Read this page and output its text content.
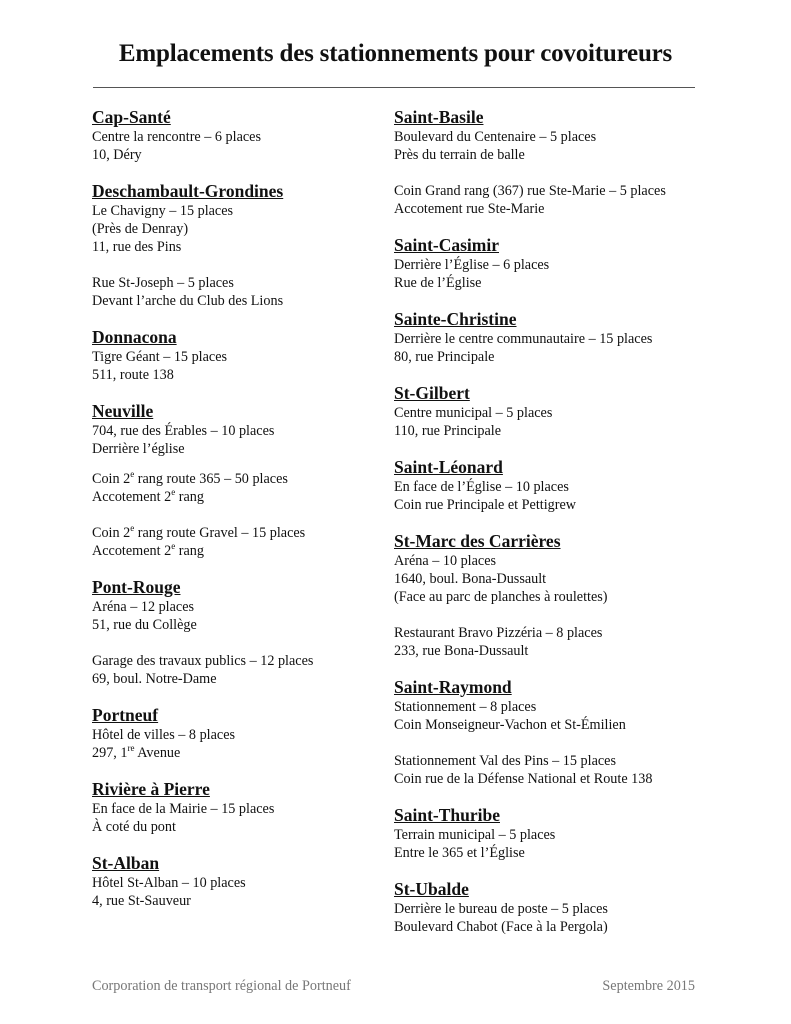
Emplacements des stationnements pour covoitureurs
Cap-Santé
Centre la rencontre – 6 places
10, Déry
Deschambault-Grondines
Le Chavigny – 15 places
(Près de Denray)
11, rue des Pins
Rue St-Joseph – 5 places
Devant l’arche du Club des Lions
Donnacona
Tigre Géant – 15 places
511, route 138
Neuville
704, rue des Érables – 10 places
Derrière l’église
Coin 2e rang route 365 – 50 places
Accotement 2e rang
Coin 2e rang route Gravel – 15 places
Accotement 2e rang
Pont-Rouge
Aréna – 12 places
51, rue du Collège
Garage des travaux publics – 12 places
69, boul. Notre-Dame
Portneuf
Hôtel de villes – 8 places
297, 1re Avenue
Rivière à Pierre
En face de la Mairie – 15 places
À coté du pont
St-Alban
Hôtel St-Alban – 10 places
4, rue St-Sauveur
Saint-Basile
Boulevard du Centenaire – 5 places
Près du terrain de balle
Coin Grand rang (367) rue Ste-Marie – 5 places
Accotement rue Ste-Marie
Saint-Casimir
Derrière l’Église – 6 places
Rue de l’Église
Sainte-Christine
Derrière le centre communautaire – 15 places
80, rue Principale
St-Gilbert
Centre municipal – 5 places
110, rue Principale
Saint-Léonard
En face de l’Église – 10 places
Coin rue Principale et Pettigrew
St-Marc des Carrières
Aréna – 10 places
1640, boul. Bona-Dussault
(Face au parc de planches à roulettes)
Restaurant Bravo Pizzéria – 8 places
233, rue Bona-Dussault
Saint-Raymond
Stationnement – 8 places
Coin Monseigneur-Vachon et St-Émilien
Stationnement Val des Pins – 15 places
Coin rue de la Défense National et Route 138
Saint-Thuribe
Terrain municipal – 5 places
Entre le 365 et l’Église
St-Ubalde
Derrière le bureau de poste – 5 places
Boulevard Chabot (Face à la Pergola)
Corporation de transport régional de Portneuf	Septembre 2015
